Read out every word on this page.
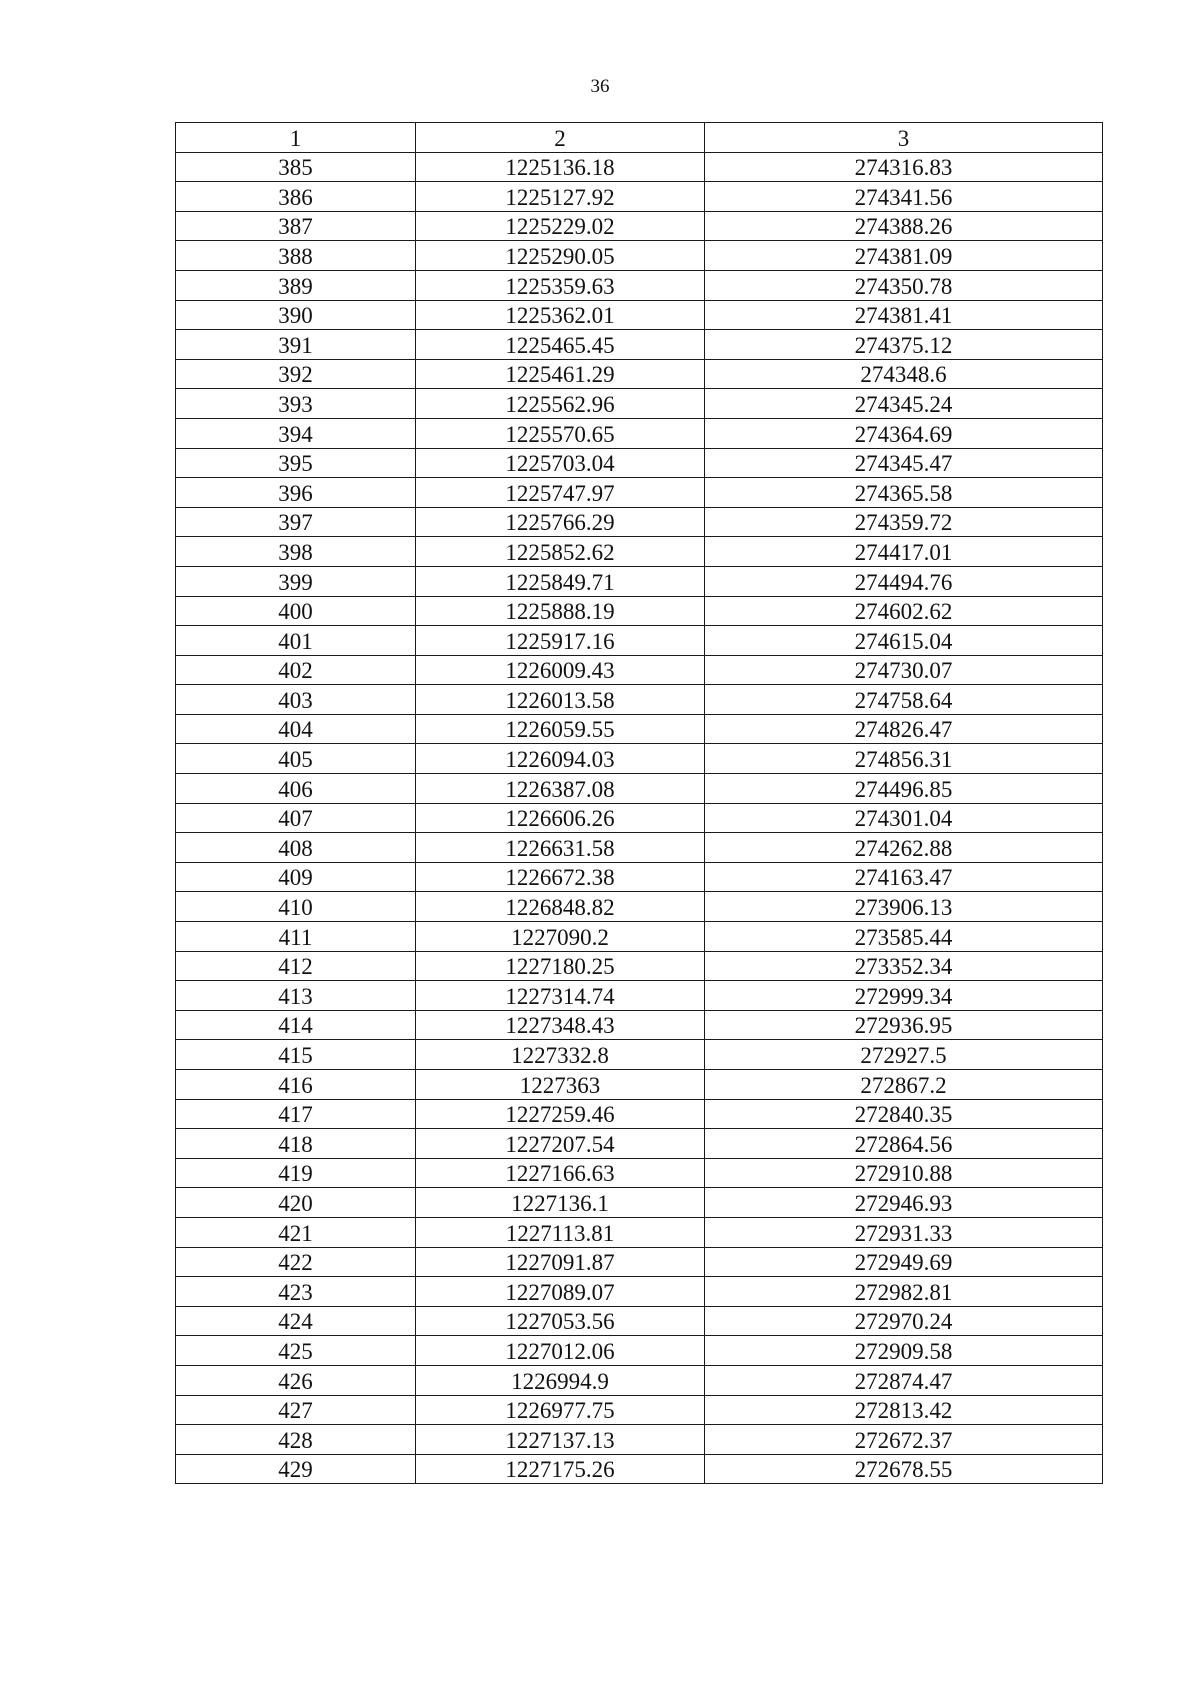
36
1	2	3
385	1225136.18	274316.83
386	1225127.92	274341.56
387	1225229.02	274388.26
388	1225290.05	274381.09
389	1225359.63	274350.78
390	1225362.01	274381.41
391	1225465.45	274375.12
392	1225461.29	274348.6
393	1225562.96	274345.24
394	1225570.65	274364.69
395	1225703.04	274345.47
396	1225747.97	274365.58
397	1225766.29	274359.72
398	1225852.62	274417.01
399	1225849.71	274494.76
400	1225888.19	274602.62
401	1225917.16	274615.04
402	1226009.43	274730.07
403	1226013.58	274758.64
404	1226059.55	274826.47
405	1226094.03	274856.31
406	1226387.08	274496.85
407	1226606.26	274301.04
408	1226631.58	274262.88
409	1226672.38	274163.47
410	1226848.82	273906.13
411	1227090.2	273585.44
412	1227180.25	273352.34
413	1227314.74	272999.34
414	1227348.43	272936.95
415	1227332.8	272927.5
416	1227363	272867.2
417	1227259.46	272840.35
418	1227207.54	272864.56
419	1227166.63	272910.88
420	1227136.1	272946.93
421	1227113.81	272931.33
422	1227091.87	272949.69
423	1227089.07	272982.81
424	1227053.56	272970.24
425	1227012.06	272909.58
426	1226994.9	272874.47
427	1226977.75	272813.42
428	1227137.13	272672.37
429	1227175.26	272678.55
